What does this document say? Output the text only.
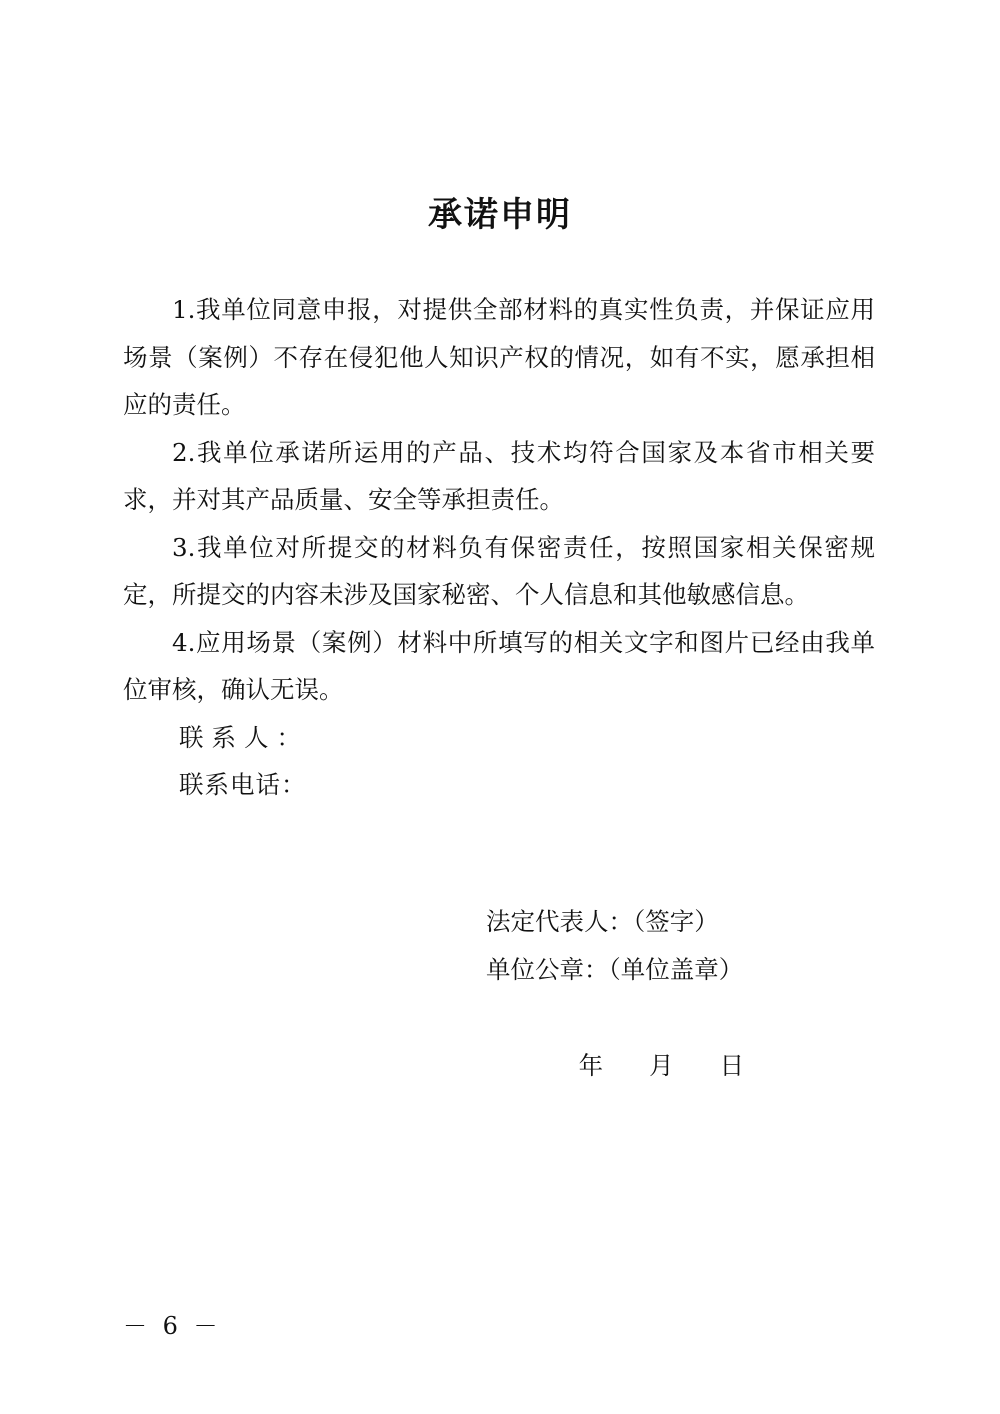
承诺申明

1.我单位同意申报，对提供全部材料的真实性负责，并保证应用场景（案例）不存在侵犯他人知识产权的情况，如有不实，愿承担相应的责任。

2.我单位承诺所运用的产品、技术均符合国家及本省市相关要求，并对其产品质量、安全等承担责任。

3.我单位对所提交的材料负有保密责任，按照国家相关保密规定，所提交的内容未涉及国家秘密、个人信息和其他敏感信息。

4.应用场景（案例）材料中所填写的相关文字和图片已经由我单位审核，确认无误。

联系人：

联系电话：

法定代表人：（签字）

单位公章：（单位盖章）

年 月 日

－ 6 －
